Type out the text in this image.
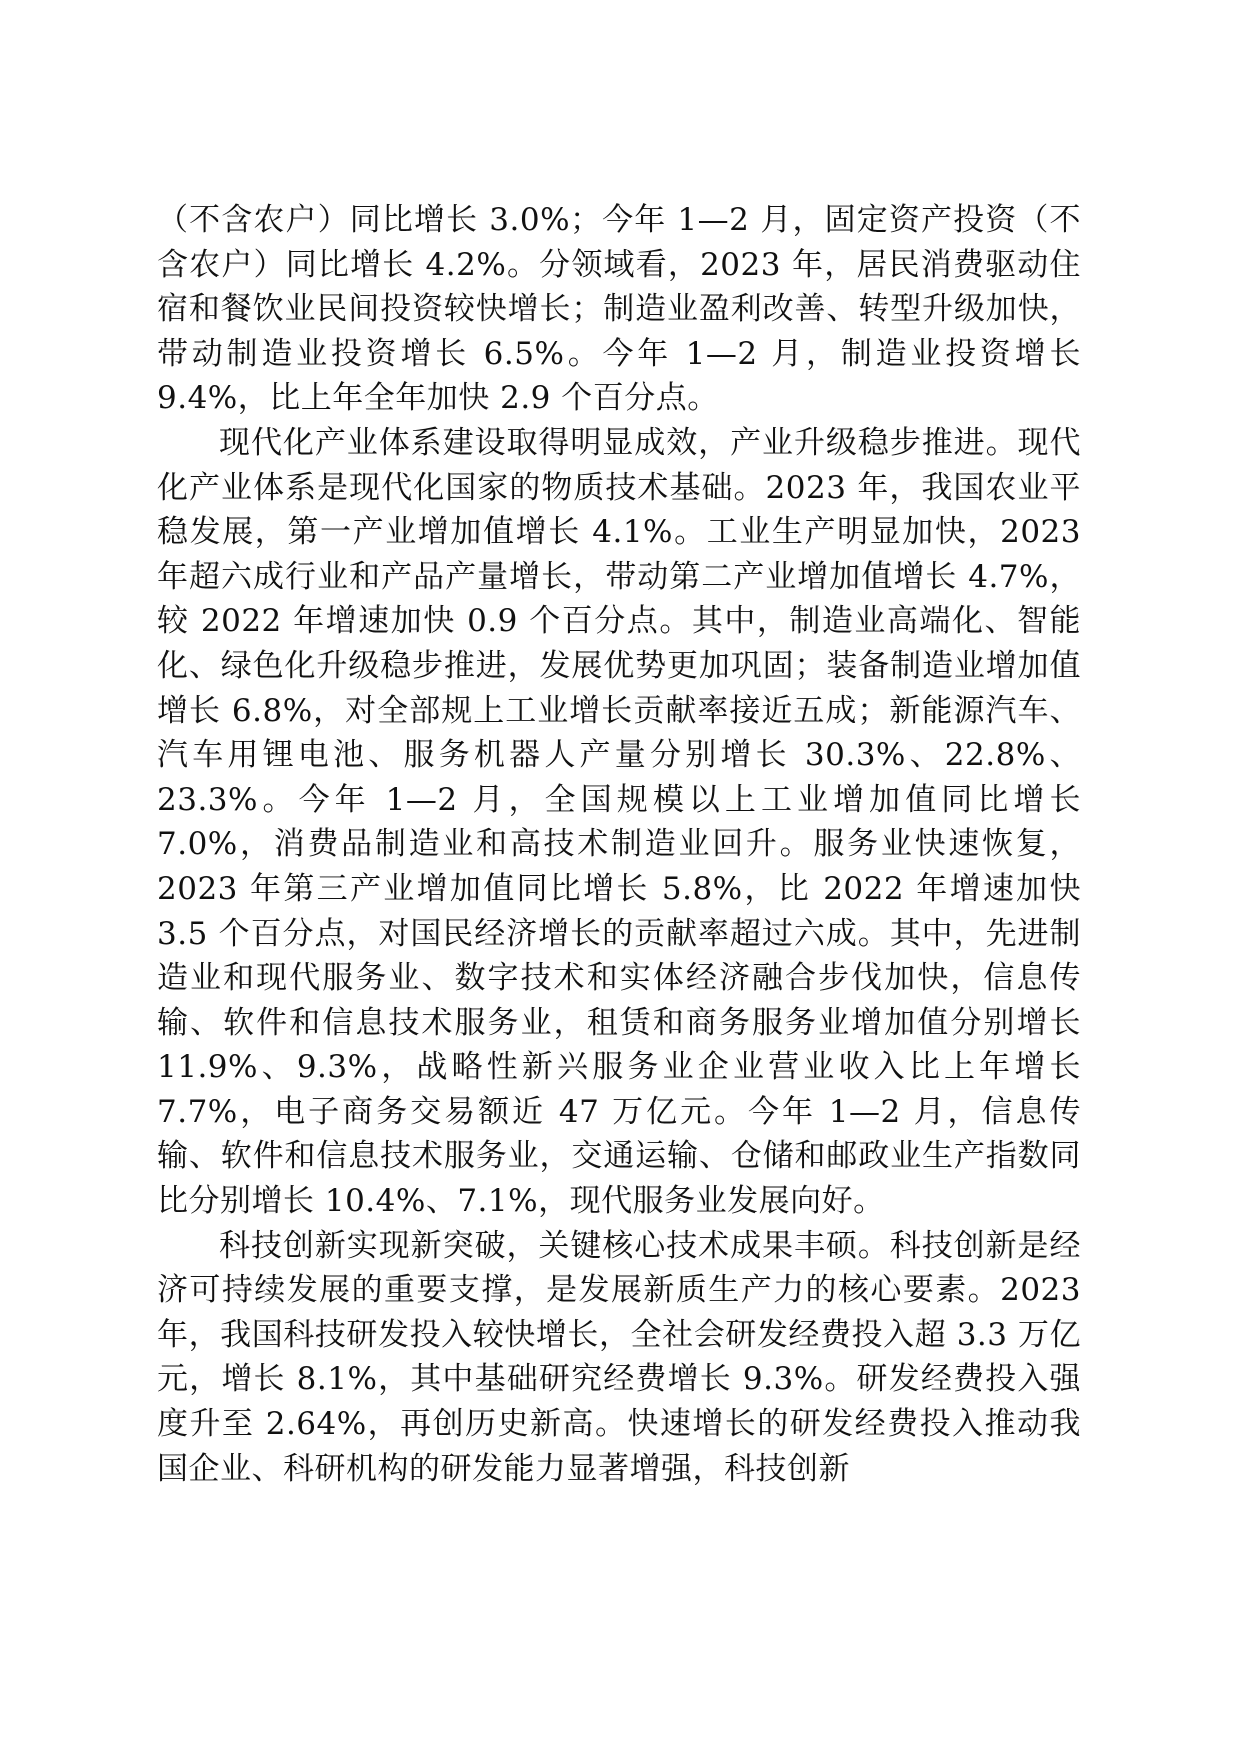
（不含农户）同比增长 3.0%；今年 1—2 月，固定资产投资（不含农户）同比增长 4.2%。分领域看，2023 年，居民消费驱动住宿和餐饮业民间投资较快增长；制造业盈利改善、转型升级加快，带动制造业投资增长 6.5%。今年 1—2 月，制造业投资增长 9.4%，比上年全年加快 2.9 个百分点。

现代化产业体系建设取得明显成效，产业升级稳步推进。现代化产业体系是现代化国家的物质技术基础。2023 年，我国农业平稳发展，第一产业增加值增长 4.1%。工业生产明显加快，2023 年超六成行业和产品产量增长，带动第二产业增加值增长 4.7%，较 2022 年增速加快 0.9 个百分点。其中，制造业高端化、智能化、绿色化升级稳步推进，发展优势更加巩固；装备制造业增加值增长 6.8%，对全部规上工业增长贡献率接近五成；新能源汽车、汽车用锂电池、服务机器人产量分别增长 30.3%、22.8%、23.3%。今年 1—2 月，全国规模以上工业增加值同比增长 7.0%，消费品制造业和高技术制造业回升。服务业快速恢复，2023 年第三产业增加值同比增长 5.8%，比 2022 年增速加快 3.5 个百分点，对国民经济增长的贡献率超过六成。其中，先进制造业和现代服务业、数字技术和实体经济融合步伐加快，信息传输、软件和信息技术服务业，租赁和商务服务业增加值分别增长 11.9%、9.3%，战略性新兴服务业企业营业收入比上年增长 7.7%，电子商务交易额近 47 万亿元。今年 1—2 月，信息传输、软件和信息技术服务业，交通运输、仓储和邮政业生产指数同比分别增长 10.4%、7.1%，现代服务业发展向好。

科技创新实现新突破，关键核心技术成果丰硕。科技创新是经济可持续发展的重要支撑，是发展新质生产力的核心要素。2023 年，我国科技研发投入较快增长，全社会研发经费投入超 3.3 万亿元，增长 8.1%，其中基础研究经费增长 9.3%。研发经费投入强度升至 2.64%，再创历史新高。快速增长的研发经费投入推动我国企业、科研机构的研发能力显著增强，科技创新
